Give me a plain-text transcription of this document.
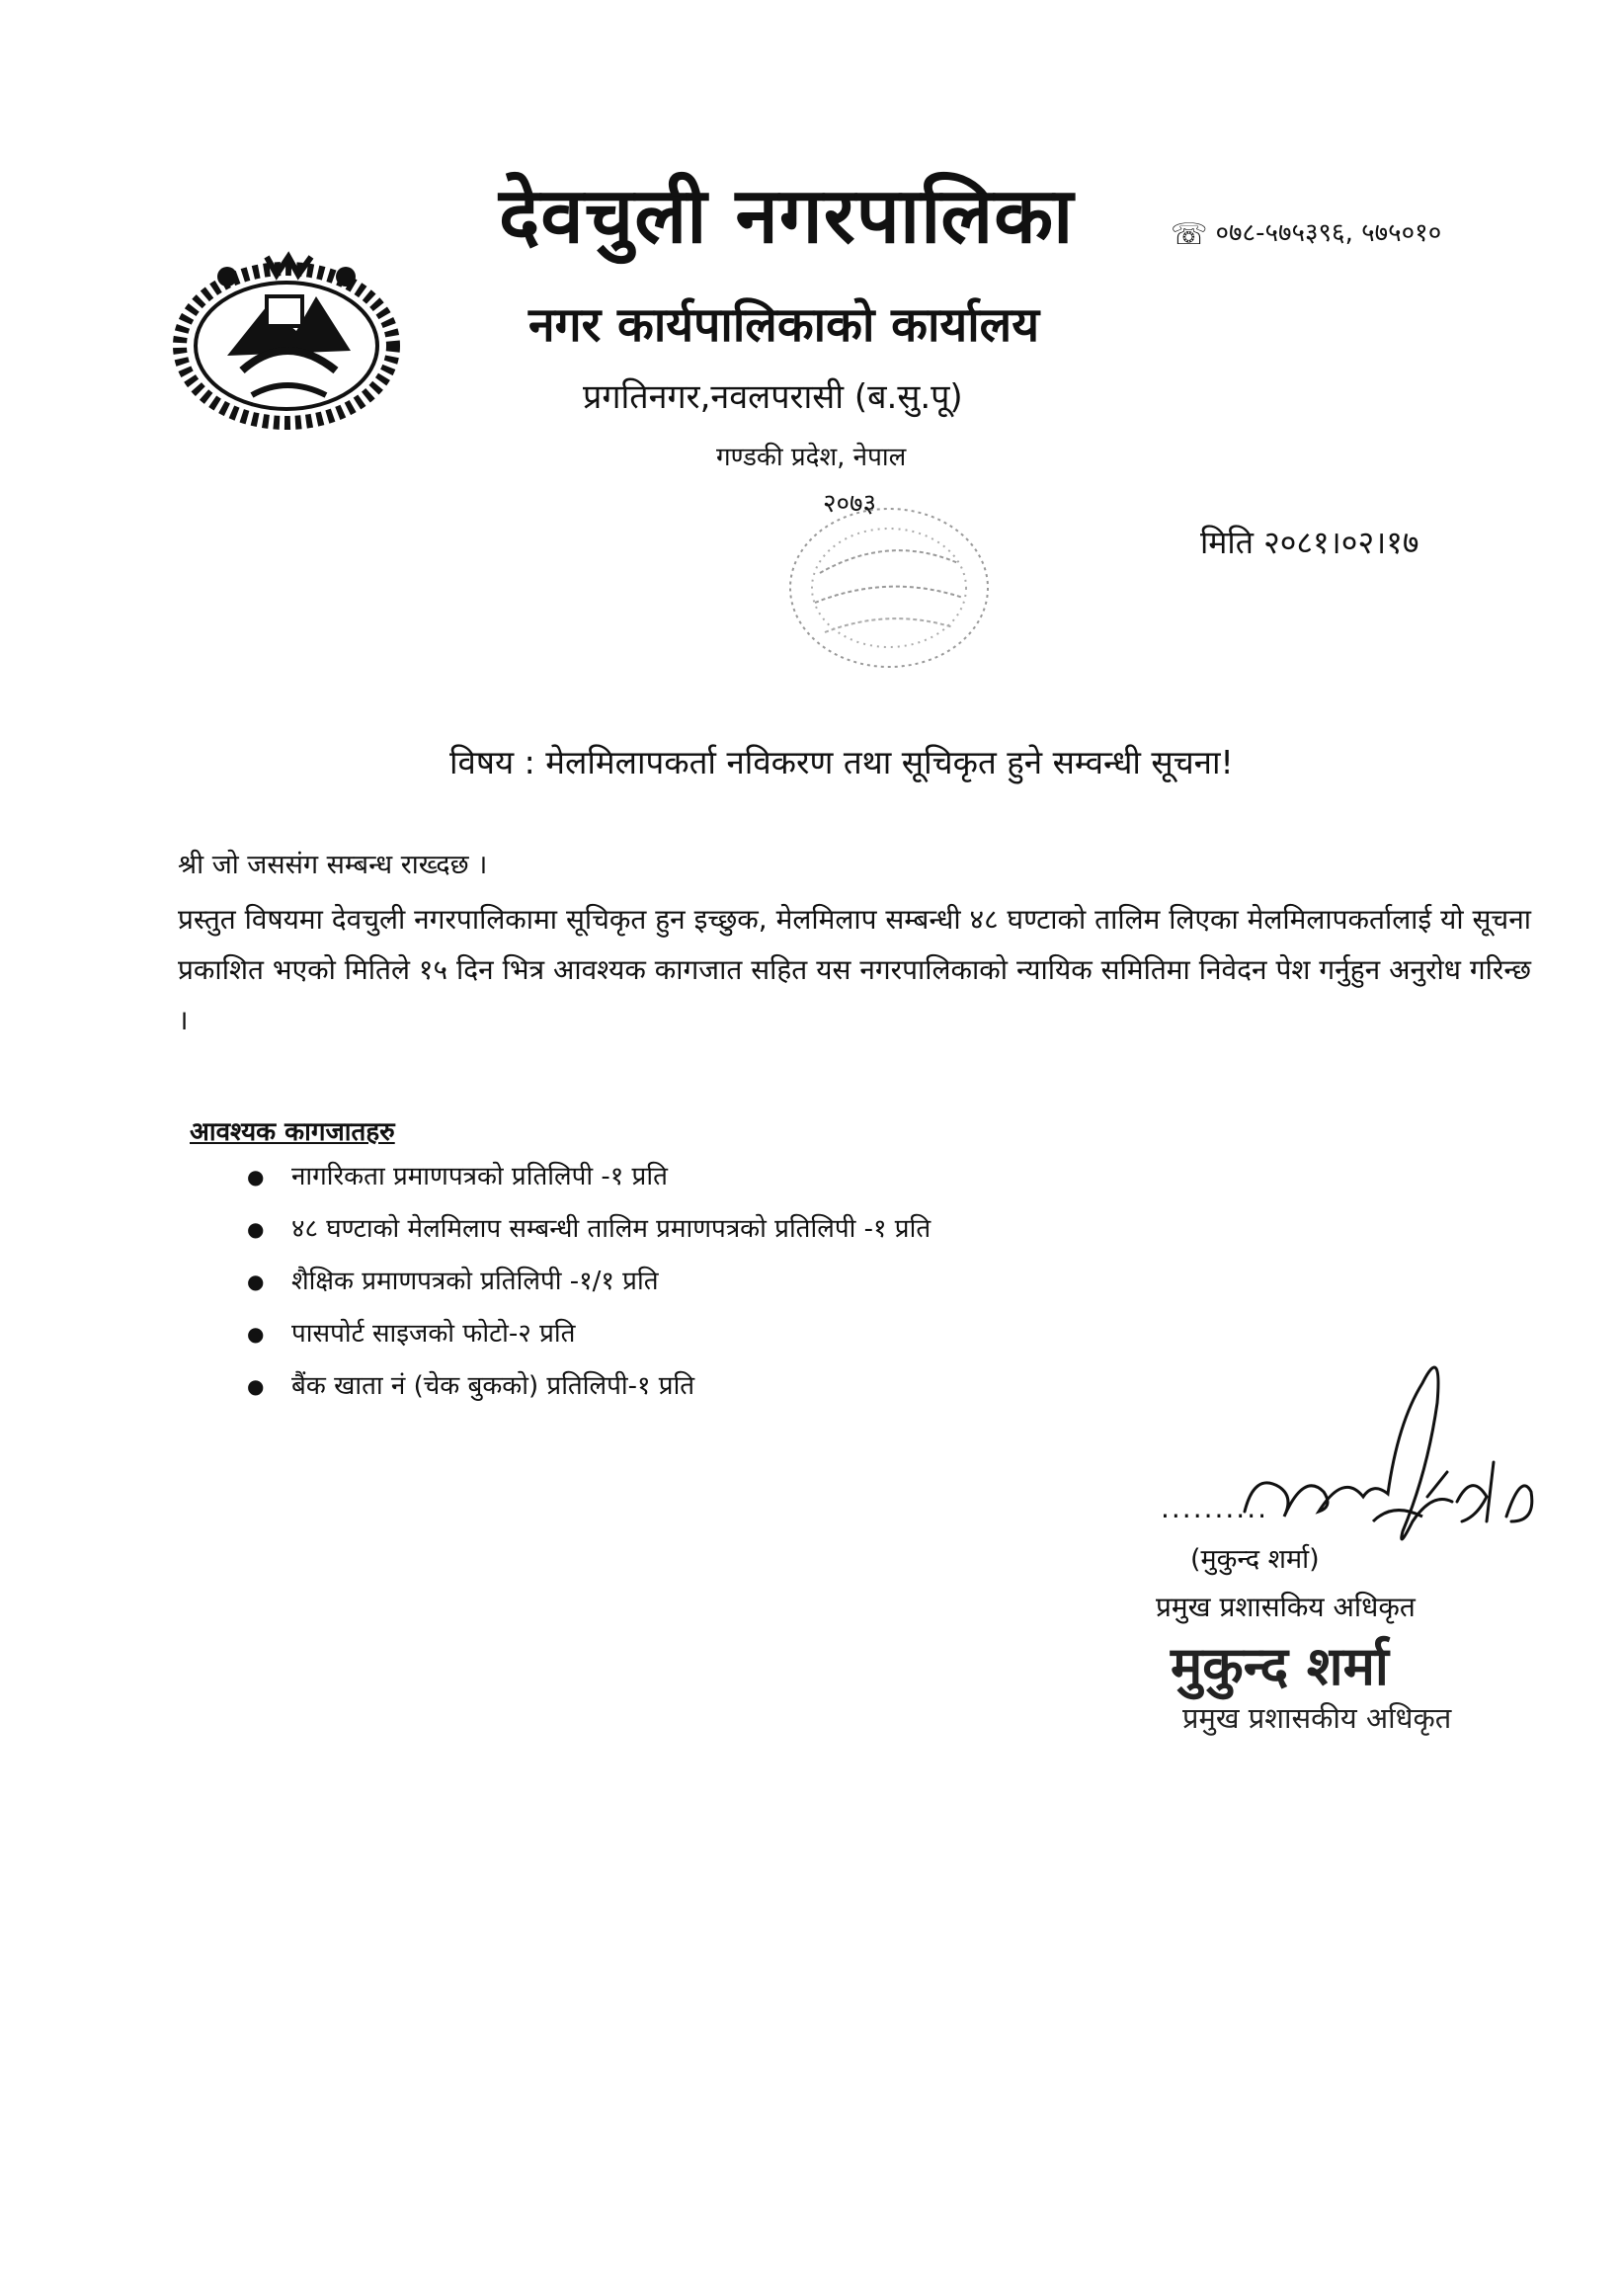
देवचुली नगरपालिका	☏ ०७८-५७५३९६, ५७५०१०
नगर कार्यपालिकाको कार्यालय
प्रगतिनगर,नवलपरासी (ब.सु.पू)
गण्डकी प्रदेश, नेपाल
२०७३
मिति २०८१।०२।१७
विषय : मेलमिलापकर्ता नविकरण तथा सूचिकृत हुने सम्वन्धी सूचना!
श्री जो जससंग सम्बन्ध राख्दछ ।

प्रस्तुत विषयमा देवचुली नगरपालिकामा सूचिकृत हुन इच्छुक, मेलमिलाप सम्बन्धी ४८ घण्टाको तालिम लिएका मेलमिलापकर्तालाई यो सूचना प्रकाशित भएको मितिले १५ दिन भित्र आवश्यक कागजात सहित यस नगरपालिकाको न्यायिक समितिमा निवेदन पेश गर्नुहुन अनुरोध गरिन्छ ।

आवश्यक कागजातहरु
● नागरिकता प्रमाणपत्रको प्रतिलिपी -१ प्रति
● ४८ घण्टाको मेलमिलाप सम्बन्धी तालिम प्रमाणपत्रको प्रतिलिपी -१ प्रति
● शैक्षिक प्रमाणपत्रको प्रतिलिपी -१/१ प्रति
● पासपोर्ट साइजको फोटो-२ प्रति
● बैंक खाता नं (चेक बुकको) प्रतिलिपी-१ प्रति
..........
(मुकुन्द शर्मा)
प्रमुख प्रशासकिय अधिकृत
मुकुन्द शर्मा
प्रमुख प्रशासकीय अधिकृत
